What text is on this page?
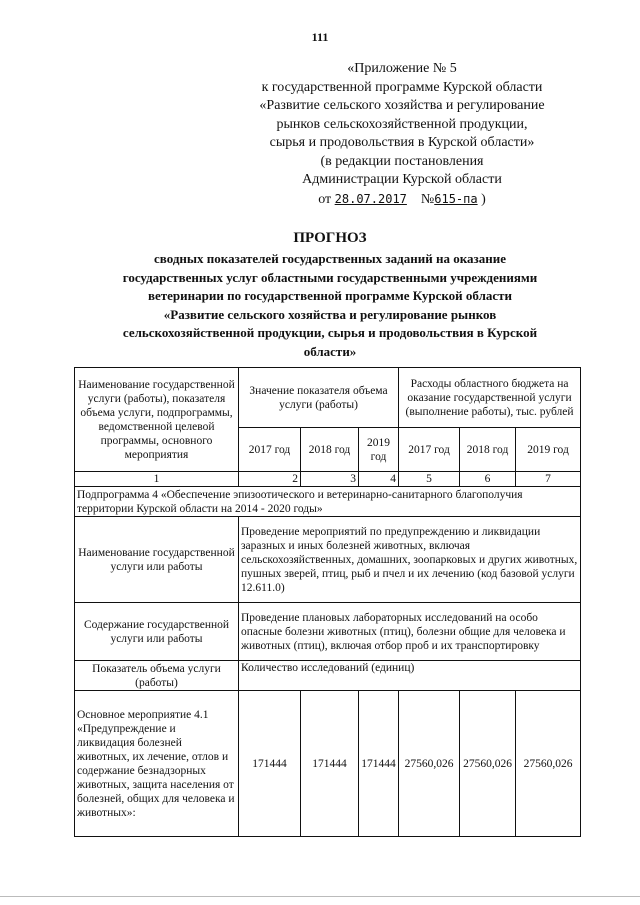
111
«Приложение № 5
к государственной программе Курской области
«Развитие сельского хозяйства и регулирование
рынков сельскохозяйственной продукции,
сырья и продовольствия в Курской области»
(в редакции постановления
Администрации Курской области
от 28.07.2017 №615-па )
ПРОГНОЗ
сводных показателей государственных заданий на оказание
государственных услуг областными государственными учреждениями
ветеринарии по государственной программе Курской области
«Развитие сельского хозяйства и регулирование рынков
сельскохозяйственной продукции, сырья и продовольствия в Курской
области»
Наименование государственной услуги (работы), показателя объема услуги, подпрограммы, ведомственной целевой программы, основного мероприятия	Значение показателя объема услуги (работы)			Расходы областного бюджета на оказание государственной услуги (выполнение работы), тыс. рублей		
	2017 год	2018 год	2019 год	2017 год	2018 год	2019 год
1	2	3	4	5	6	7
Подпрограмма 4 «Обеспечение эпизоотического и ветеринарно-санитарного благополучия территории Курской области на 2014 - 2020 годы»						
Наименование государственной услуги или работы	Проведение мероприятий по предупреждению и ликвидации заразных и иных болезней животных, включая сельскохозяйственных, домашних, зоопарковых и других животных, пушных зверей, птиц, рыб и пчел и их лечению (код базовой услуги 12.611.0)					
Содержание государственной услуги или работы	Проведение плановых лабораторных исследований на особо опасные болезни животных (птиц), болезни общие для человека и животных (птиц), включая отбор проб и их транспортировку					
Показатель объема услуги (работы)	Количество исследований (единиц)					
Основное мероприятие 4.1 «Предупреждение и ликвидация болезней животных, их лечение, отлов и содержание безнадзорных животных, защита населения от болезней, общих для человека и животных»:	171444	171444	171444	27560,026	27560,026	27560,026
